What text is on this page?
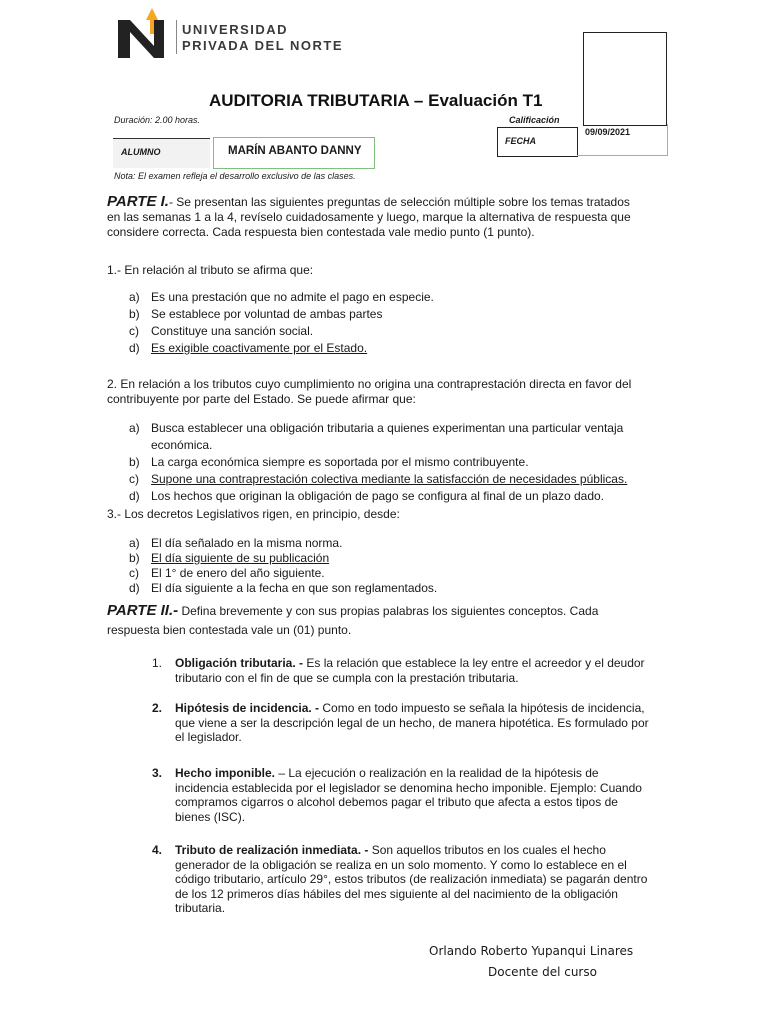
UNIVERSIDAD
PRIVADA DEL NORTE
AUDITORIA TRIBUTARIA – Evaluación T1
Duración: 2.00 horas.	Calificación
FECHA
09/09/2021
ALUMNO	MARÍN ABANTO DANNY
Nota: El examen refleja el desarrollo exclusivo de las clases.
PARTE I.- Se presentan las siguientes preguntas de selección múltiple sobre los temas tratados
en las semanas 1 a la 4, revíselo cuidadosamente y luego, marque la alternativa de respuesta que
considere correcta. Cada respuesta bien contestada vale medio punto (1 punto).
1.- En relación al tributo se afirma que:
a) Es una prestación que no admite el pago en especie.
b) Se establece por voluntad de ambas partes
c) Constituye una sanción social.
d) Es exigible coactivamente por el Estado.
2. En relación a los tributos cuyo cumplimiento no origina una contraprestación directa en favor del
contribuyente por parte del Estado. Se puede afirmar que:
a) Busca establecer una obligación tributaria a quienes experimentan una particular ventaja
económica.
b) La carga económica siempre es soportada por el mismo contribuyente.
c) Supone una contraprestación colectiva mediante la satisfacción de necesidades públicas.
d) Los hechos que originan la obligación de pago se configura al final de un plazo dado.
3.- Los decretos Legislativos rigen, en principio, desde:
a) El día señalado en la misma norma.
b) El día siguiente de su publicación
c) El 1° de enero del año siguiente.
d) El día siguiente a la fecha en que son reglamentados.
PARTE II.- Defina brevemente y con sus propias palabras los siguientes conceptos. Cada
respuesta bien contestada vale un (01) punto.
1.	Obligación tributaria. - Es la relación que establece la ley entre el acreedor y el deudor
tributario con el fin de que se cumpla con la prestación tributaria.
2.	Hipótesis de incidencia. - Como en todo impuesto se señala la hipótesis de incidencia,
que viene a ser la descripción legal de un hecho, de manera hipotética. Es formulado por
el legislador.
3.	Hecho imponible. – La ejecución o realización en la realidad de la hipótesis de
incidencia establecida por el legislador se denomina hecho imponible. Ejemplo: Cuando
compramos cigarros o alcohol debemos pagar el tributo que afecta a estos tipos de
bienes (ISC).
4.	Tributo de realización inmediata. - Son aquellos tributos en los cuales el hecho
generador de la obligación se realiza en un solo momento. Y como lo establece en el
código tributario, artículo 29°, estos tributos (de realización inmediata) se pagarán dentro
de los 12 primeros días hábiles del mes siguiente al del nacimiento de la obligación
tributaria.
Orlando Roberto Yupanqui Linares
Docente del curso
